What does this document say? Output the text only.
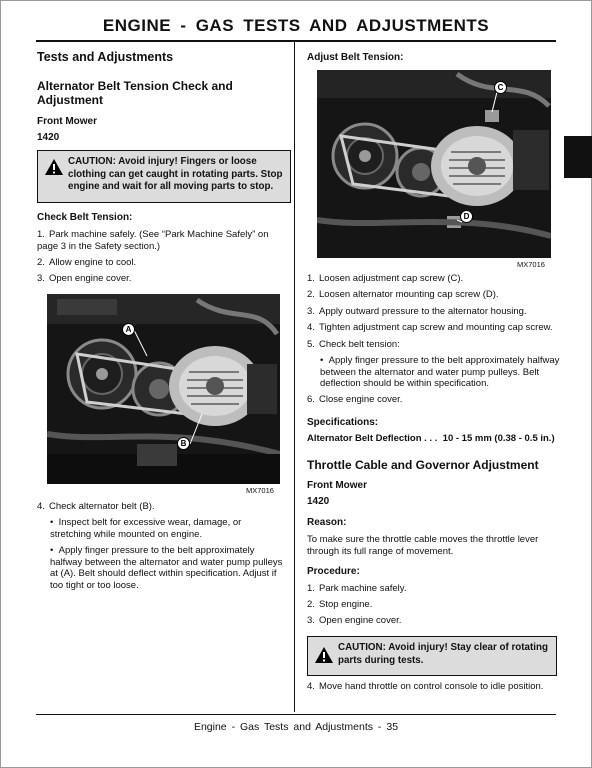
ENGINE - GAS TESTS AND ADJUSTMENTS
Tests and Adjustments
Alternator Belt Tension Check and Adjustment
Front Mower
1420
CAUTION: Avoid injury! Fingers or loose clothing can get caught in rotating parts. Stop engine and wait for all moving parts to stop.
Check Belt Tension:
1. Park machine safely. (See “Park Machine Safely” on page 3 in the Safety section.)
2. Allow engine to cool.
3. Open engine cover.
A
B
MX7016
4. Check alternator belt (B).
•  Inspect belt for excessive wear, damage, or stretching while mounted on engine.
•  Apply finger pressure to the belt approximately halfway between the alternator and water pump pulleys at (A). Belt should deflect within specification. Adjust if too tight or too loose.
Adjust Belt Tension:
C
D
MX7016
1. Loosen adjustment cap screw (C).
2. Loosen alternator mounting cap screw (D).
3. Apply outward pressure to the alternator housing.
4. Tighten adjustment cap screw and mounting cap screw.
5. Check belt tension:
•  Apply finger pressure to the belt approximately halfway between the alternator and water pump pulleys. Belt deflection should be within specification.
6. Close engine cover.
Specifications:
Alternator Belt Deflection . . . 10 - 15 mm (0.38 - 0.5 in.)
Throttle Cable and Governor Adjustment
Front Mower
1420
Reason:
To make sure the throttle cable moves the throttle lever through its full range of movement.
Procedure:
1. Park machine safely.
2. Stop engine.
3. Open engine cover.
CAUTION: Avoid injury! Stay clear of rotating parts during tests.
4. Move hand throttle on control console to idle position.
Engine - Gas Tests and Adjustments - 35
